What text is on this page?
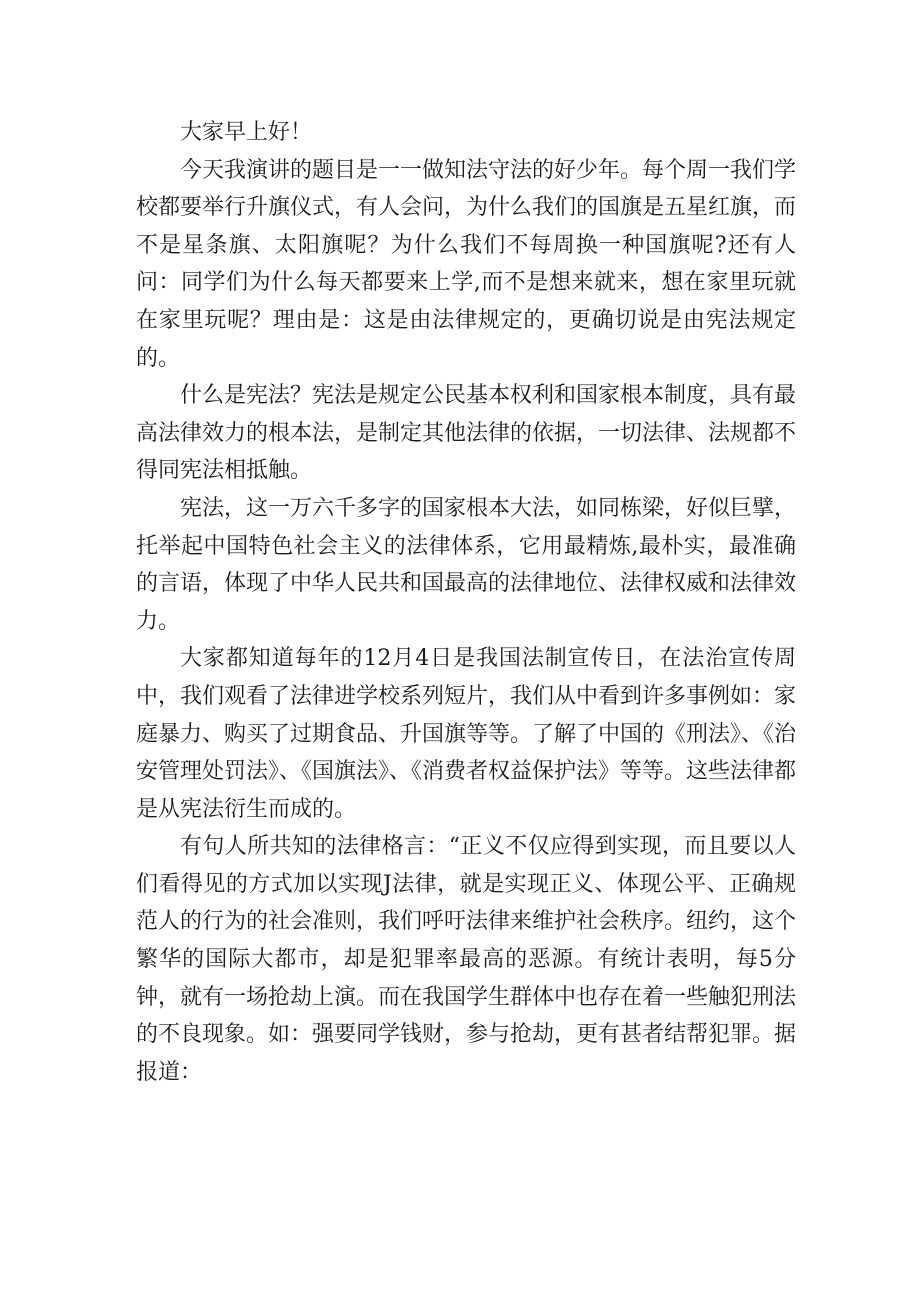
大家早上好！

今天我演讲的题目是一一做知法守法的好少年。每个周一我们学校都要举行升旗仪式，有人会问，为什么我们的国旗是五星红旗，而不是星条旗、太阳旗呢？为什么我们不每周换一种国旗呢?还有人问：同学们为什么每天都要来上学,而不是想来就来，想在家里玩就在家里玩呢？理由是：这是由法律规定的，更确切说是由宪法规定的。

什么是宪法？宪法是规定公民基本权利和国家根本制度，具有最高法律效力的根本法，是制定其他法律的依据，一切法律、法规都不得同宪法相抵触。

宪法，这一万六千多字的国家根本大法，如同栋梁，好似巨擘，托举起中国特色社会主义的法律体系，它用最精炼,最朴实，最准确的言语，体现了中华人民共和国最高的法律地位、法律权威和法律效力。

大家都知道每年的12月4日是我国法制宣传日，在法治宣传周中，我们观看了法律进学校系列短片，我们从中看到许多事例如：家庭暴力、购买了过期食品、升国旗等等。了解了中国的《刑法》、《治安管理处罚法》、《国旗法》、《消费者权益保护法》等等。这些法律都是从宪法衍生而成的。

有句人所共知的法律格言：“正义不仅应得到实现，而且要以人们看得见的方式加以实现J法律，就是实现正义、体现公平、正确规范人的行为的社会准则，我们呼吁法律来维护社会秩序。纽约，这个繁华的国际大都市，却是犯罪率最高的恶源。有统计表明，每5分钟，就有一场抢劫上演。而在我国学生群体中也存在着一些触犯刑法的不良现象。如：强要同学钱财，参与抢劫，更有甚者结帮犯罪。据报道：
